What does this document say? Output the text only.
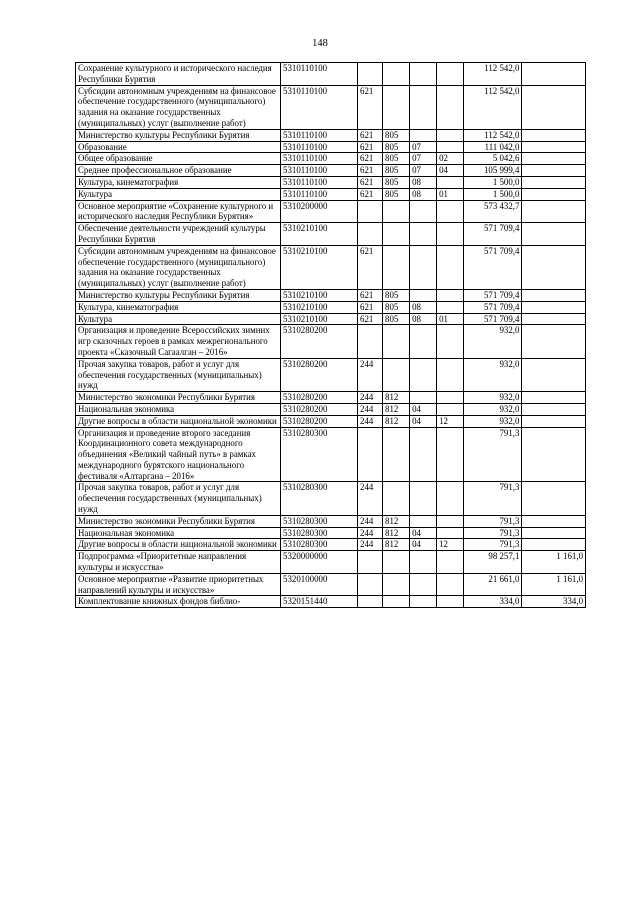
148
Сохранение культурного и исторического наследия Республики Бурятия	5310110100					112 542,0	
Субсидии автономным учреждениям на финансовое обеспечение государственного (муниципального) задания на оказание государственных (муниципальных) услуг (выполнение работ)	5310110100	621				112 542,0	
Министерство культуры Республики Бурятия	5310110100	621	805			112 542,0	
Образование	5310110100	621	805	07		111 042,0	
Общее образование	5310110100	621	805	07	02	5 042,6	
Среднее профессиональное образование	5310110100	621	805	07	04	105 999,4	
Культура, кинематография	5310110100	621	805	08		1 500,0	
Культура	5310110100	621	805	08	01	1 500,0	
Основное мероприятие «Сохранение культурного и исторического наследия Республики Бурятия»	5310200000					573 432,7	
Обеспечение деятельности учреждений культуры Республики Бурятия	5310210100					571 709,4	
Субсидии автономным учреждениям на финансовое обеспечение государственного (муниципального) задания на оказание государственных (муниципальных) услуг (выполнение работ)	5310210100	621				571 709,4	
Министерство культуры Республики Бурятия	5310210100	621	805			571 709,4	
Культура, кинематография	5310210100	621	805	08		571 709,4	
Культура	5310210100	621	805	08	01	571 709,4	
Организация и проведение Всероссийских зимних игр сказочных героев в рамках межрегионального проекта «Сказочный Сагаалган – 2016»	5310280200					932,0	
Прочая закупка товаров, работ и услуг для обеспечения государственных (муниципальных) нужд	5310280200	244				932,0	
Министерство экономики Республики Бурятия	5310280200	244	812			932,0	
Национальная экономика	5310280200	244	812	04		932,0	
Другие вопросы в области национальной экономики	5310280200	244	812	04	12	932,0	
Организация и проведение второго заседания Координационного совета международного объединения «Великий чайный путь» в рамках международного бурятского национального фестиваля «Алтаргана – 2016»	5310280300					791,3	
Прочая закупка товаров, работ и услуг для обеспечения государственных (муниципальных) нужд	5310280300	244				791,3	
Министерство экономики Республики Бурятия	5310280300	244	812			791,3	
Национальная экономика	5310280300	244	812	04		791,3	
Другие вопросы в области национальной экономики	5310280300	244	812	04	12	791,3	
Подпрограмма «Приоритетные направления культуры и искусства»	5320000000					98 257,1	1 161,0
Основное мероприятие «Развитие приоритетных направлений культуры и искусства»	5320100000					21 661,0	1 161,0
Комплектование книжных фондов библио-	5320151440					334,0	334,0
